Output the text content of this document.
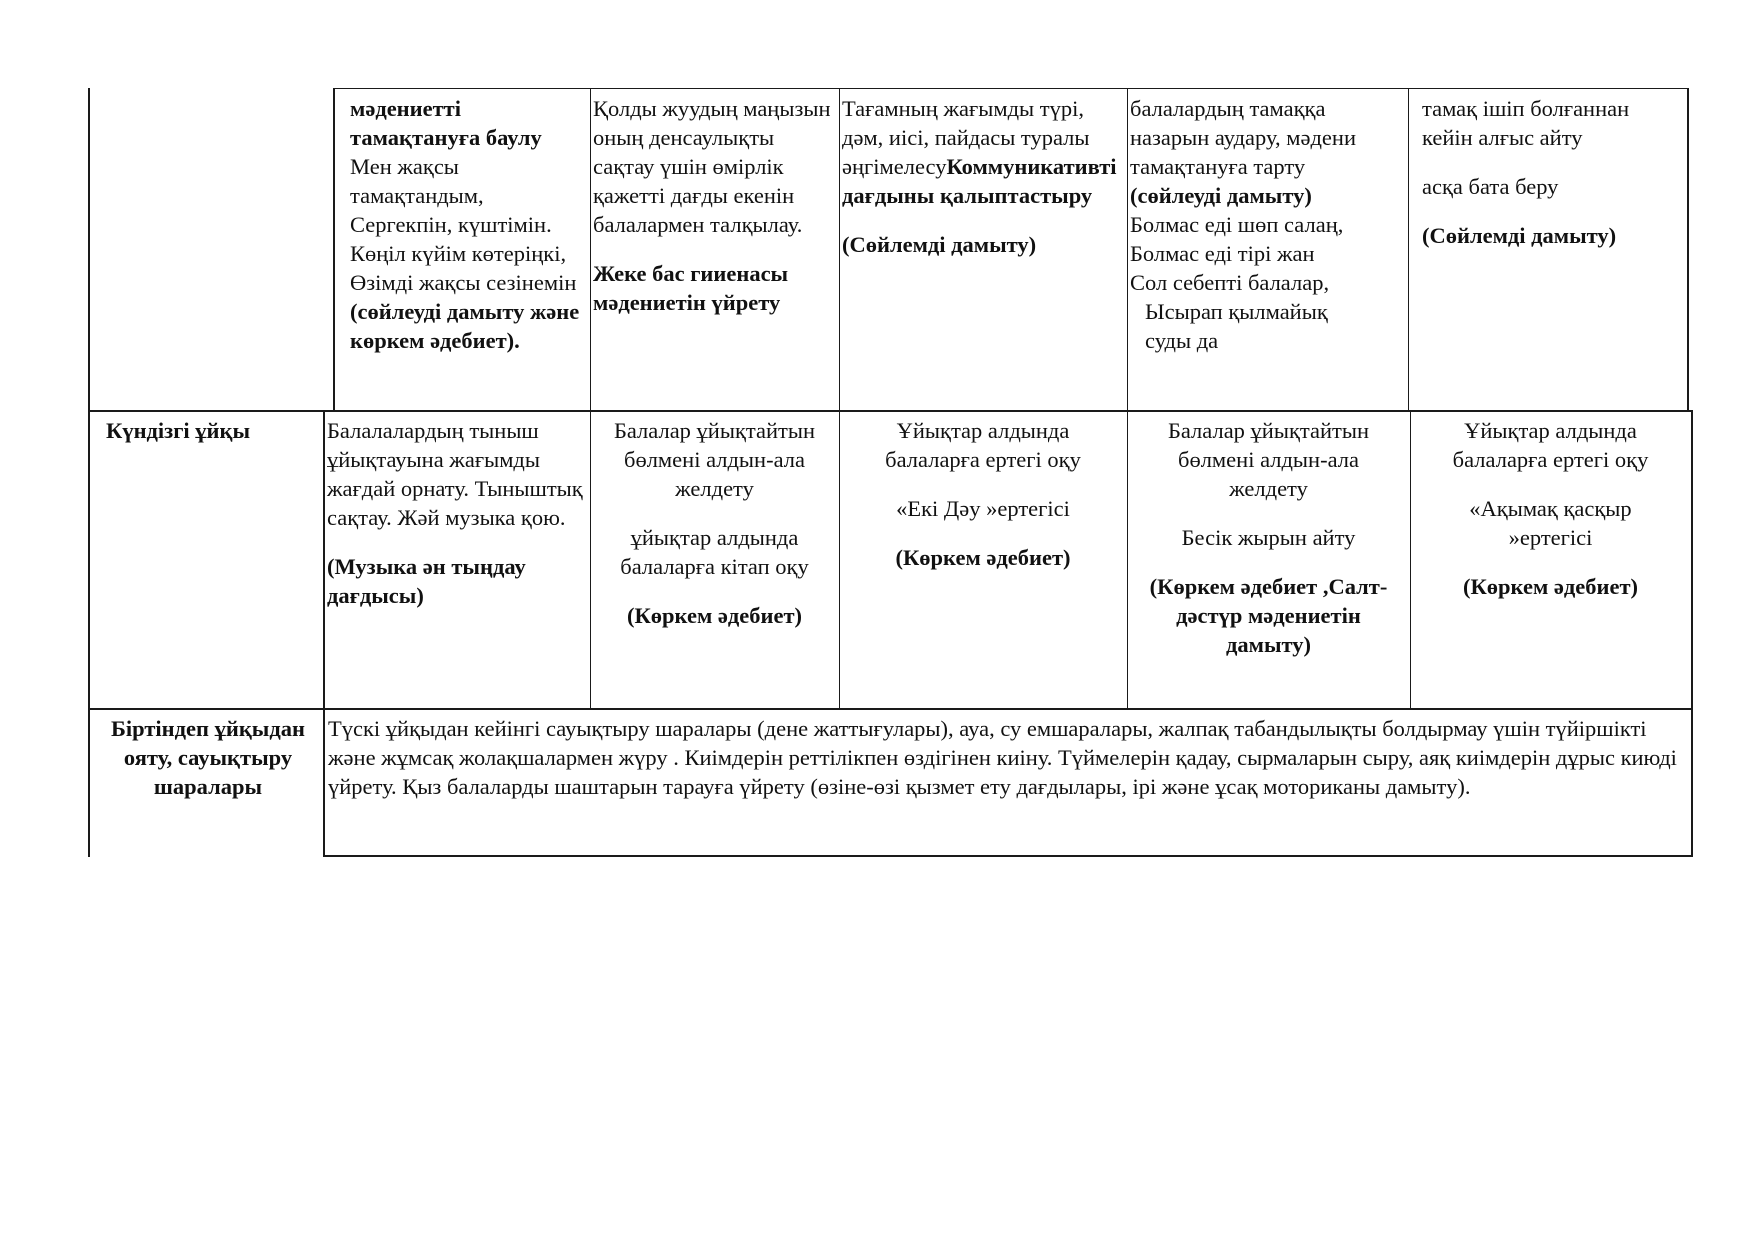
мәдениетті тамақтануға баулу

Мен жақсы тамақтандым, Сергекпін, күштімін. Көңіл күйім көтеріңкі, Өзімді жақсы сезінемін  (сөйлеуді дамыту және көркем әдебиет).

Қолды жуудың маңызын оның денсаулықты сақтау үшін өмірлік қажетті дағды екенін балалармен талқылау.

Жеке бас гииенасы мәдениетін үйрету

Тағамның жағымды түрі, дәм, иісі, пайдасы туралы әңгімелесуКоммуникативті дағдыны қалыптастыру

(Сөйлемді дамыту)

балалардың тамаққа назарын аудару, мәдени тамақтануға тарту

(сөйлеуді дамыту)

Болмас еді шөп салаң,

Болмас еді тірі жан

Сол себепті балалар,

Ысырап қылмайық

суды да

тамақ ішіп болғаннан кейін алғыс айту

асқа бата беру

(Сөйлемді дамыту)

Күндізгі ұйқы	Балалалардың тыныш ұйықтауына жағымды жағдай орнату. Тыныштық сақтау. Жәй музыка қою.

(Музыка ән тыңдау дағдысы)

Балалар ұйықтайтын бөлмені алдын-ала желдету

ұйықтар алдында балаларға кітап оқу

(Көркем әдебиет)

Ұйықтар алдында балаларға ертегі оқу

«Екі Дәу »ертегісі

(Көркем әдебиет)

Балалар ұйықтайтын бөлмені алдын-ала желдету

Бесік жырын айту

(Көркем әдебиет ,Салт-дәстүр мәдениетін дамыту)

Ұйықтар алдында балаларға ертегі оқу

«Ақымақ қасқыр »ертегісі

(Көркем әдебиет)

Біртіндеп ұйқыдан ояту, сауықтыру шаралары
Түскі ұйқыдан кейінгі сауықтыру шаралары (дене жаттығулары), ауа, су емшаралары, жалпақ табандылықты болдырмау үшін түйіршікті және жұмсақ жолақшалармен жүру . Киімдерін реттілікпен өздігінен киіну. Түймелерін қадау, сырмаларын сыру, аяқ киімдерін дұрыс киюді үйрету. Қыз балаларды шаштарын тарауға үйрету (өзіне-өзі қызмет ету дағдылары, ірі және ұсақ моториканы дамыту).
